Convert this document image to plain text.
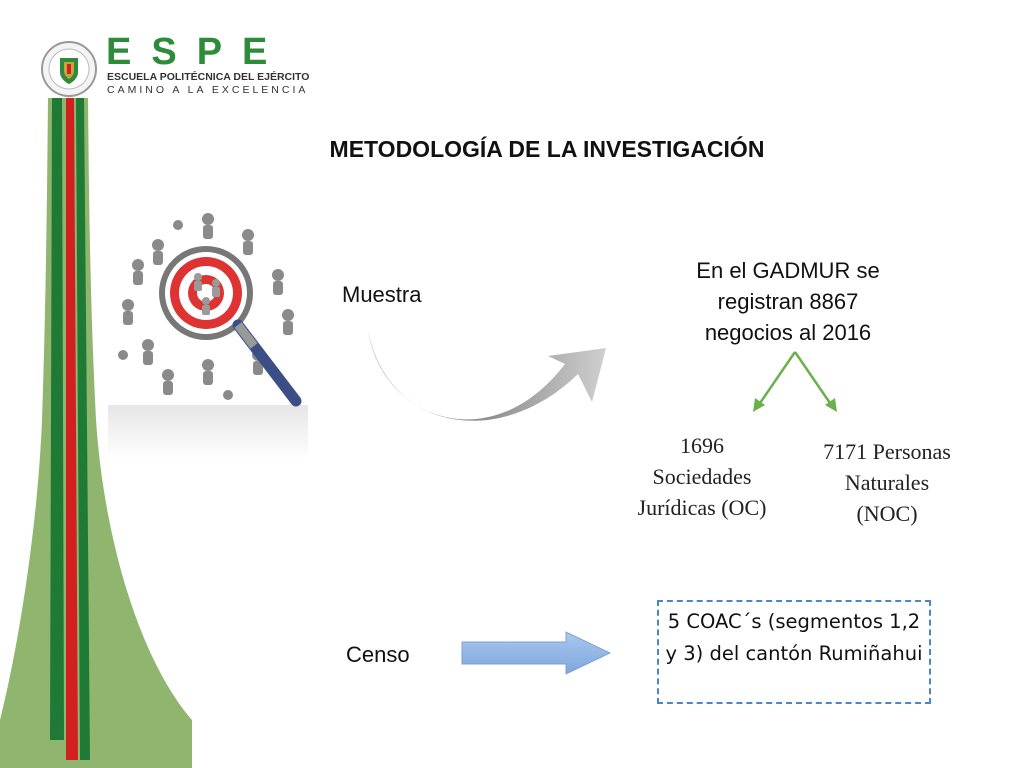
ESPE
ESCUELA POLITÉCNICA DEL EJÉRCITO
CAMINO A LA EXCELENCIA
METODOLOGÍA DE LA INVESTIGACIÓN
Muestra
En el GADMUR se registran 8867 negocios al 2016
1696 Sociedades Jurídicas (OC)
7171 Personas Naturales (NOC)
Censo
5 COAC´s (segmentos 1,2 y 3) del cantón Rumiñahui
